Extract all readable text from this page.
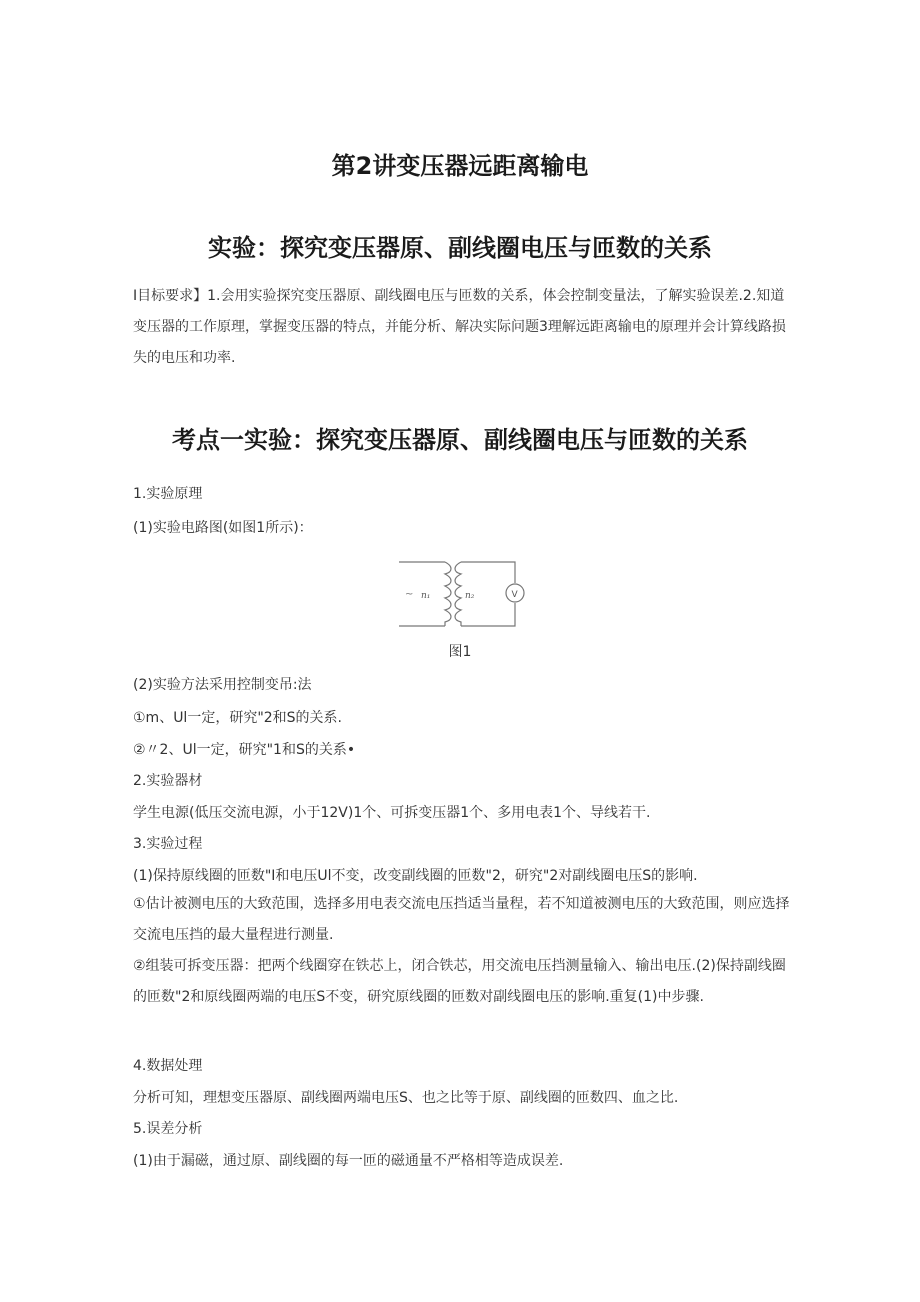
第2讲变压器远距离输电
实验：探究变压器原、副线圈电压与匝数的关系

I目标要求】1.会用实验探究变压器原、副线圈电压与匝数的关系，体会控制变量法，了解实验误差.2.知道变压器的工作原理，掌握变压器的特点，并能分析、解决实际问题3理解远距离输电的原理并会计算线路损失的电压和功率.

考点一实验：探究变压器原、副线圈电压与匝数的关系
1.实验原理
(1)实验电路图(如图1所示)：
~ n₁	n₂	V
图1
(2)实验方法采用控制变吊:法
①m、Ul一定，研究"2和S的关系.
②〃2、Ul一定，研究"1和S的关系•
2.实验器材
学生电源(低压交流电源，小于12V)1个、可拆变压器1个、多用电表1个、导线若干.
3.实验过程
(1)保持原线圈的匝数"I和电压Ul不变，改变副线圈的匝数"2，研究"2对副线圈电压S的影响.

①估计被测电压的大致范围，选择多用电表交流电压挡适当量程，若不知道被测电压的大致范围，则应选择交流电压挡的最大量程进行测量.

②组装可拆变压器：把两个线圈穿在铁芯上，闭合铁芯，用交流电压挡测量输入、输出电压.(2)保持副线圈的匝数"2和原线圈两端的电压S不变，研究原线圈的匝数对副线圈电压的影响.重复(1)中步骤.

4.数据处理
分析可知，理想变压器原、副线圈两端电压S、也之比等于原、副线圈的匝数四、血之比.
5.误差分析
(1)由于漏磁，通过原、副线圈的每一匝的磁通量不严格相等造成误差.
